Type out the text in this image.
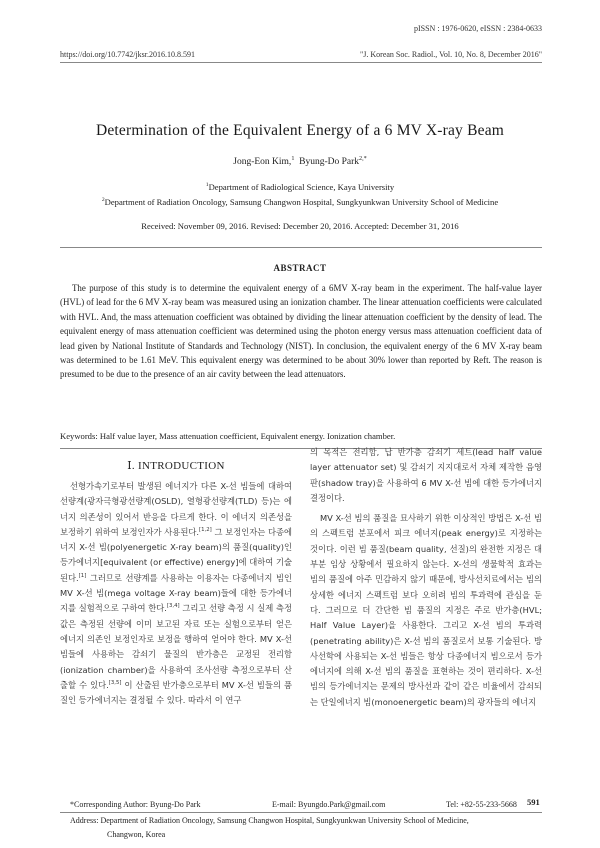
pISSN : 1976-0620, eISSN : 2384-0633
https://doi.org/10.7742/jksr.2016.10.8.591	"J. Korean Soc. Radiol., Vol. 10, No. 8, December 2016"
Determination of the Equivalent Energy of a 6 MV X-ray Beam
Jong-Eon Kim,$^1$ Byung-Do Park$^{2,*}$
$^1$Department of Radiological Science, Kaya University
$^2$Department of Radiation Oncology, Samsung Changwon Hospital, Sungkyunkwan University School of Medicine
Received: November 09, 2016. Revised: December 20, 2016. Accepted: December 31, 2016
ABSTRACT
The purpose of this study is to determine the equivalent energy of a 6MV X-ray beam in the experiment. The half-value layer (HVL) of lead for the 6 MV X-ray beam was measured using an ionization chamber. The linear attenuation coefficients were calculated with HVL. And, the mass attenuation coefficient was obtained by dividing the linear attenuation coefficient by the density of lead. The equivalent energy of mass attenuation coefficient was determined using the photon energy versus mass attenuation coefficient data of lead given by National Institute of Standards and Technology (NIST). In conclusion, the equivalent energy of the 6 MV X-ray beam was determined to be 1.61 MeV. This equivalent energy was determined to be about 30% lower than reported by Reft. The reason is presumed to be due to the presence of an air cavity between the lead attenuators.
Keywords: Half value layer, Mass attenuation coefficient, Equivalent energy. Ionization chamber.
Ⅰ. INTRODUCTION
선형가속기로부터 발생된 에너지가 다른 X-선 빔들에 대하여 선량계(광자극형광선량계(OSLD), 열형광선량계(TLD) 등)는 에너지 의존성이 있어서 반응을 다르게 한다. 이 에너지 의존성을 보정하기 위하여 보정인자가 사용된다.[1,2] 그 보정인자는 다종에너지 X-선 빔(polyenergetic X-ray beam)의 품질(quality)인 등가에너지[equivalent (or effective) energy]에 대하여 기술된다.[1] 그러므로 선량계를 사용하는 이용자는 다종에너지 빔인 MV X-선 빔(mega voltage X-ray beam)들에 대한 등가에너지를 실험적으로 구하여 한다.[3,4] 그리고 선량 측정 시 실제 측정값은 측정된 선량에 이미 보고된 자료 또는 실험으로부터 얻은 에너지 의존인 보정인자로 보정을 행하여 얻어야 한다. MV X-선 빔들에 사용하는 감쇠기 물질의 반가층은 교정된 전리함(ionization chamber)을 사용하여 조사선량 측정으로부터 산출할 수 있다.[3,5] 이 산출된 반가층으로부터 MV X-선 빔들의 품질인 등가에너지는 결정될 수 있다. 따라서 이 연구

의 목적은 전리함, 납 반가층 감쇠기 세트(lead half value layer attenuator set) 및 감쇠기 지지대로서 자체 제작한 음영판(shadow tray)을 사용하여 6 MV X-선 빔에 대한 등가에너지 결정이다.

MV X-선 빔의 품질을 묘사하기 위한 이상적인 방법은 X-선 빔의 스펙트럼 분포에서 피크 에너지(peak energy)로 지정하는 것이다. 이런 빔 품질(beam quality, 선질)의 완전한 지정은 대부분 임상 상황에서 필요하지 않는다. X-선의 생물학적 효과는 빔의 품질에 아주 민감하지 않기 때문에, 방사선치료에서는 빔의 상세한 에너지 스펙트럼 보다 오히려 빔의 투과력에 관심을 둔다. 그러므로 더 간단한 빔 품질의 지정은 주로 반가층(HVL; Half Value Layer)을 사용한다. 그리고 X-선 빔의 투과력(penetrating ability)은 X-선 빔의 품질로서 보통 기술된다. 방사선학에 사용되는 X-선 빔들은 항상 다종에너지 빔으로서 등가에너지에 의해 X-선 빔의 품질을 표현하는 것이 편리하다. X-선 빔의 등가에너지는 문제의 방사선과 같이 같은 비율에서 감쇠되는 단일에너지 빔(monoenergetic beam)의 광자들의 에너지

*Corresponding Author: Byung-Do Park	E-mail: Byungdo.Park@gmail.com	Tel: +82-55-233-5668 591
Address: Department of Radiation Oncology, Samsung Changwon Hospital, Sungkyunkwan University School of Medicine,
Changwon, Korea
